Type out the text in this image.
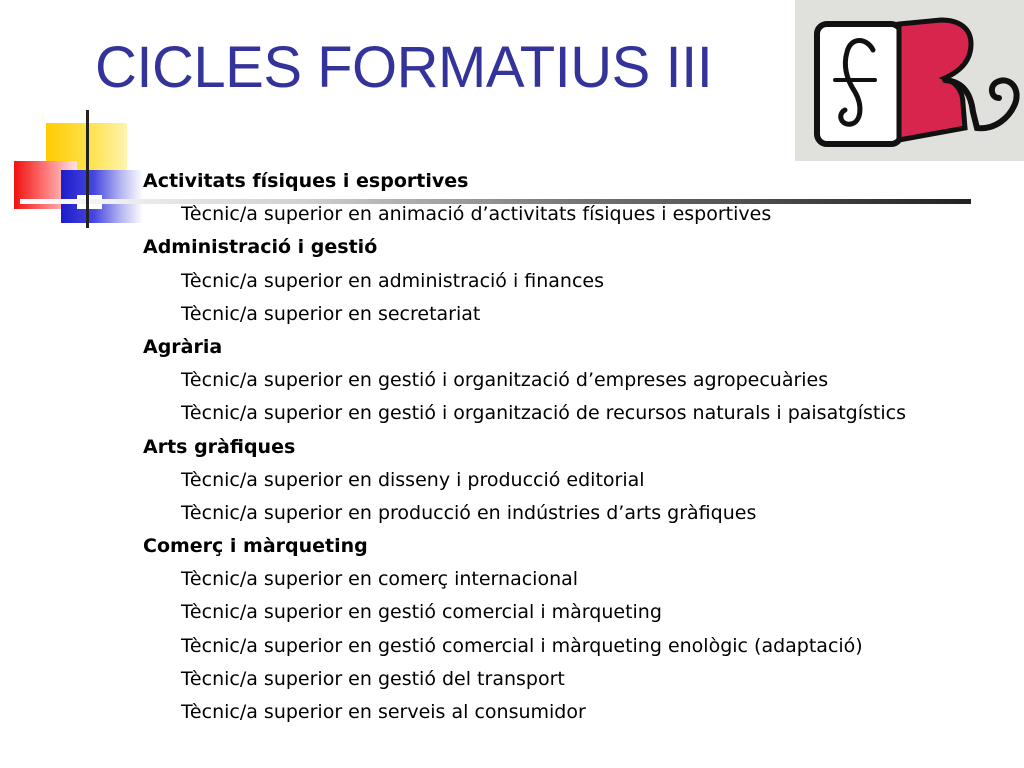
CICLES FORMATIUS III
Activitats físiques i esportives
Tècnic/a superior en animació d’activitats físiques i esportives
Administració i gestió
Tècnic/a superior en administració i finances
Tècnic/a superior en secretariat
Agrària
Tècnic/a superior en gestió i organització d’empreses agropecuàries
Tècnic/a superior en gestió i organització de recursos naturals i paisatgístics
Arts gràfiques
Tècnic/a superior en disseny i producció editorial
Tècnic/a superior en producció en indústries d’arts gràfiques
Comerç i màrqueting
Tècnic/a superior en comerç internacional
Tècnic/a superior en gestió comercial i màrqueting
Tècnic/a superior en gestió comercial i màrqueting enològic (adaptació)
Tècnic/a superior en gestió del transport
Tècnic/a superior en serveis al consumidor
